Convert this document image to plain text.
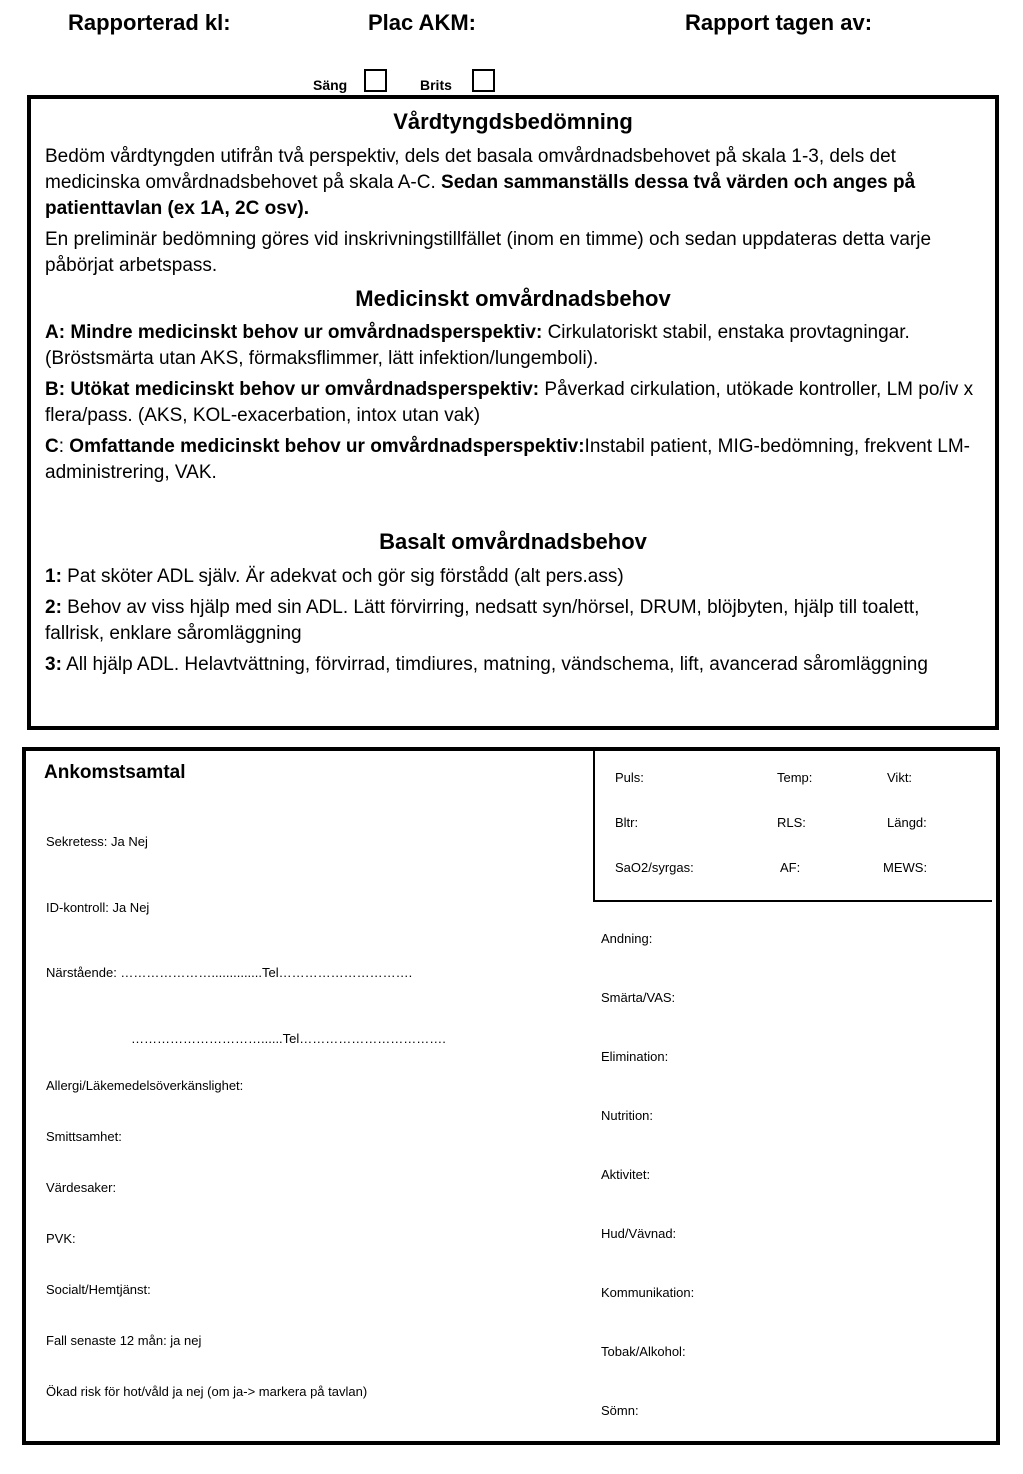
Rapporterad kl:	Plac AKM:	Rapport tagen av:
Säng	Brits
Vårdtyngdsbedömning

Bedöm vårdtyngden utifrån två perspektiv, dels det basala omvårdnadsbehovet på skala 1-3, dels det medicinska omvårdnadsbehovet på skala A-C. Sedan sammanställs dessa två värden och anges på patienttavlan (ex 1A, 2C osv).

En preliminär bedömning göres vid inskrivningstillfället (inom en timme) och sedan uppdateras detta varje påbörjat arbetspass.

Medicinskt omvårdnadsbehov

A: Mindre medicinskt behov ur omvårdnadsperspektiv: Cirkulatoriskt stabil, enstaka provtagningar. (Bröstsmärta utan AKS, förmaksflimmer, lätt infektion/lungemboli).

B: Utökat medicinskt behov ur omvårdnadsperspektiv: Påverkad cirkulation, utökade kontroller, LM po/iv x flera/pass. (AKS, KOL-exacerbation, intox utan vak)

C: Omfattande medicinskt behov ur omvårdnadsperspektiv:Instabil patient, MIG-bedömning, frekvent LM-administrering, VAK.

Basalt omvårdnadsbehov

1: Pat sköter ADL själv. Är adekvat och gör sig förstådd (alt pers.ass)

2: Behov av viss hjälp med sin ADL. Lätt förvirring, nedsatt syn/hörsel, DRUM, blöjbyten, hjälp till toalett, fallrisk, enklare såromläggning

3: All hjälp ADL. Helavtvättning, förvirrad, timdiures, matning, vändschema, lift, avancerad såromläggning

Ankomstsamtal
Sekretess: Ja Nej
ID-kontroll: Ja Nej
Närstående: …………………..............Tel………………………….
…………………………......Tel…………………………….
Allergi/Läkemedelsöverkänslighet:
Smittsamhet:
Värdesaker:
PVK:
Socialt/Hemtjänst:
Fall senaste 12 mån: ja nej
Ökad risk för hot/våld ja nej (om ja-> markera på tavlan)
Puls:	Temp:	Vikt:
Bltr:	RLS:	Längd:
SaO2/syrgas:	AF:	MEWS:
Andning:
Smärta/VAS:
Elimination:
Nutrition:
Aktivitet:
Hud/Vävnad:
Kommunikation:
Tobak/Alkohol:
Sömn:
